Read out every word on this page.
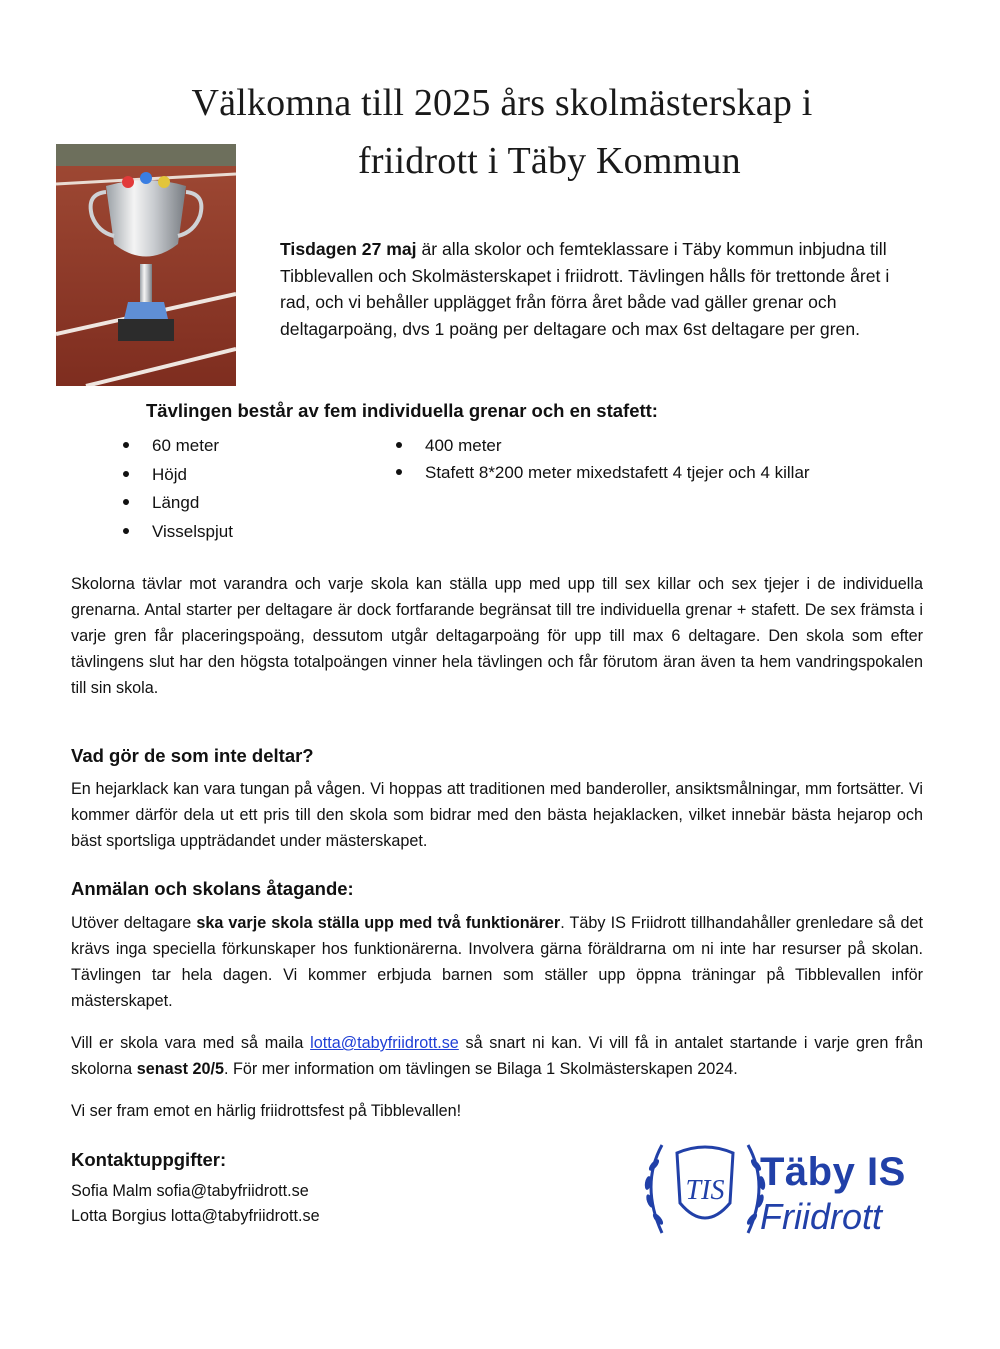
Välkomna till 2025 års skolmästerskap i
friidrott i Täby Kommun

Tisdagen 27 maj är alla skolor och femteklassare i Täby kommun inbjudna till Tibblevallen och Skolmästerskapet i friidrott. Tävlingen hålls för trettonde året i rad, och vi behåller upplägget från förra året både vad gäller grenar och deltagarpoäng, dvs 1 poäng per deltagare och max 6st deltagare per gren.

Tävlingen består av fem individuella grenar och en stafett:
60 meter
Höjd
Längd
Visselspjut
400 meter
Stafett 8*200 meter mixedstafett 4 tjejer och 4 killar

Skolorna tävlar mot varandra och varje skola kan ställa upp med upp till sex killar och sex tjejer i de individuella grenarna. Antal starter per deltagare är dock fortfarande begränsat till tre individuella grenar + stafett. De sex främsta i varje gren får placeringspoäng, dessutom utgår deltagarpoäng för upp till max 6 deltagare. Den skola som efter tävlingens slut har den högsta totalpoängen vinner hela tävlingen och får förutom äran även ta hem vandringspokalen till sin skola.

Vad gör de som inte deltar?

En hejarklack kan vara tungan på vågen. Vi hoppas att traditionen med banderoller, ansiktsmålningar, mm fortsätter. Vi kommer därför dela ut ett pris till den skola som bidrar med den bästa hejaklacken, vilket innebär bästa hejarop och bäst sportsliga uppträdandet under mästerskapet.

Anmälan och skolans åtagande:

Utöver deltagare ska varje skola ställa upp med två funktionärer. Täby IS Friidrott tillhandahåller grenledare så det krävs inga speciella förkunskaper hos funktionärerna. Involvera gärna föräldrarna om ni inte har resurser på skolan. Tävlingen tar hela dagen. Vi kommer erbjuda barnen som ställer upp öppna träningar på Tibblevallen inför mästerskapet.

Vill er skola vara med så maila lotta@tabyfriidrott.se så snart ni kan. Vi vill få in antalet startande i varje gren från skolorna senast 20/5. För mer information om tävlingen se Bilaga 1 Skolmästerskapen 2024.

Vi ser fram emot en härlig friidrottsfest på Tibblevallen!

Kontaktuppgifter:
Sofia Malm sofia@tabyfriidrott.se
Lotta Borgius lotta@tabyfriidrott.se
TIS Täby IS
Friidrott
